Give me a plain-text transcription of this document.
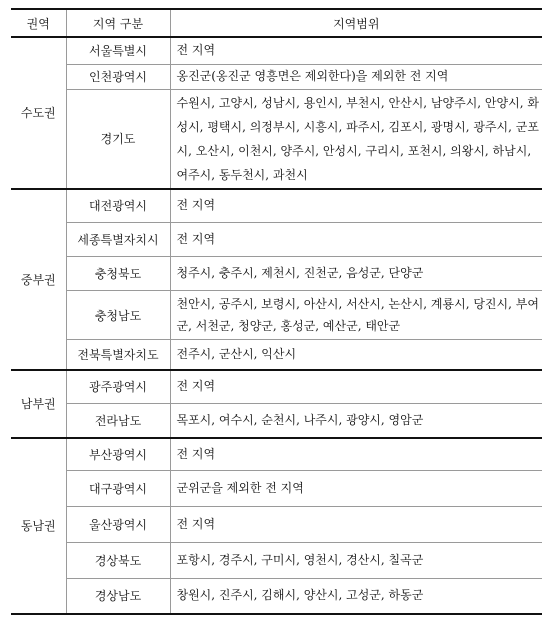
권역	지역 구분	지역범위
수도권	서울특별시	전 지역
	인천광역시	옹진군(옹진군 영흥면은 제외한다)을 제외한 전 지역
	경기도	수원시, 고양시, 성남시, 용인시, 부천시, 안산시, 남양주시, 안양시, 화성시, 평택시, 의정부시, 시흥시, 파주시, 김포시, 광명시, 광주시, 군포시, 오산시, 이천시, 양주시, 안성시, 구리시, 포천시, 의왕시, 하남시, 여주시, 동두천시, 과천시
중부권	대전광역시	전 지역
	세종특별자치시	전 지역
	충청북도	청주시, 충주시, 제천시, 진천군, 음성군, 단양군
	충청남도	천안시, 공주시, 보령시, 아산시, 서산시, 논산시, 계룡시, 당진시, 부여군, 서천군, 청양군, 홍성군, 예산군, 태안군
	전북특별자치도	전주시, 군산시, 익산시
남부권	광주광역시	전 지역
	전라남도	목포시, 여수시, 순천시, 나주시, 광양시, 영암군
동남권	부산광역시	전 지역
	대구광역시	군위군을 제외한 전 지역
	울산광역시	전 지역
	경상북도	포항시, 경주시, 구미시, 영천시, 경산시, 칠곡군
	경상남도	창원시, 진주시, 김해시, 양산시, 고성군, 하동군
